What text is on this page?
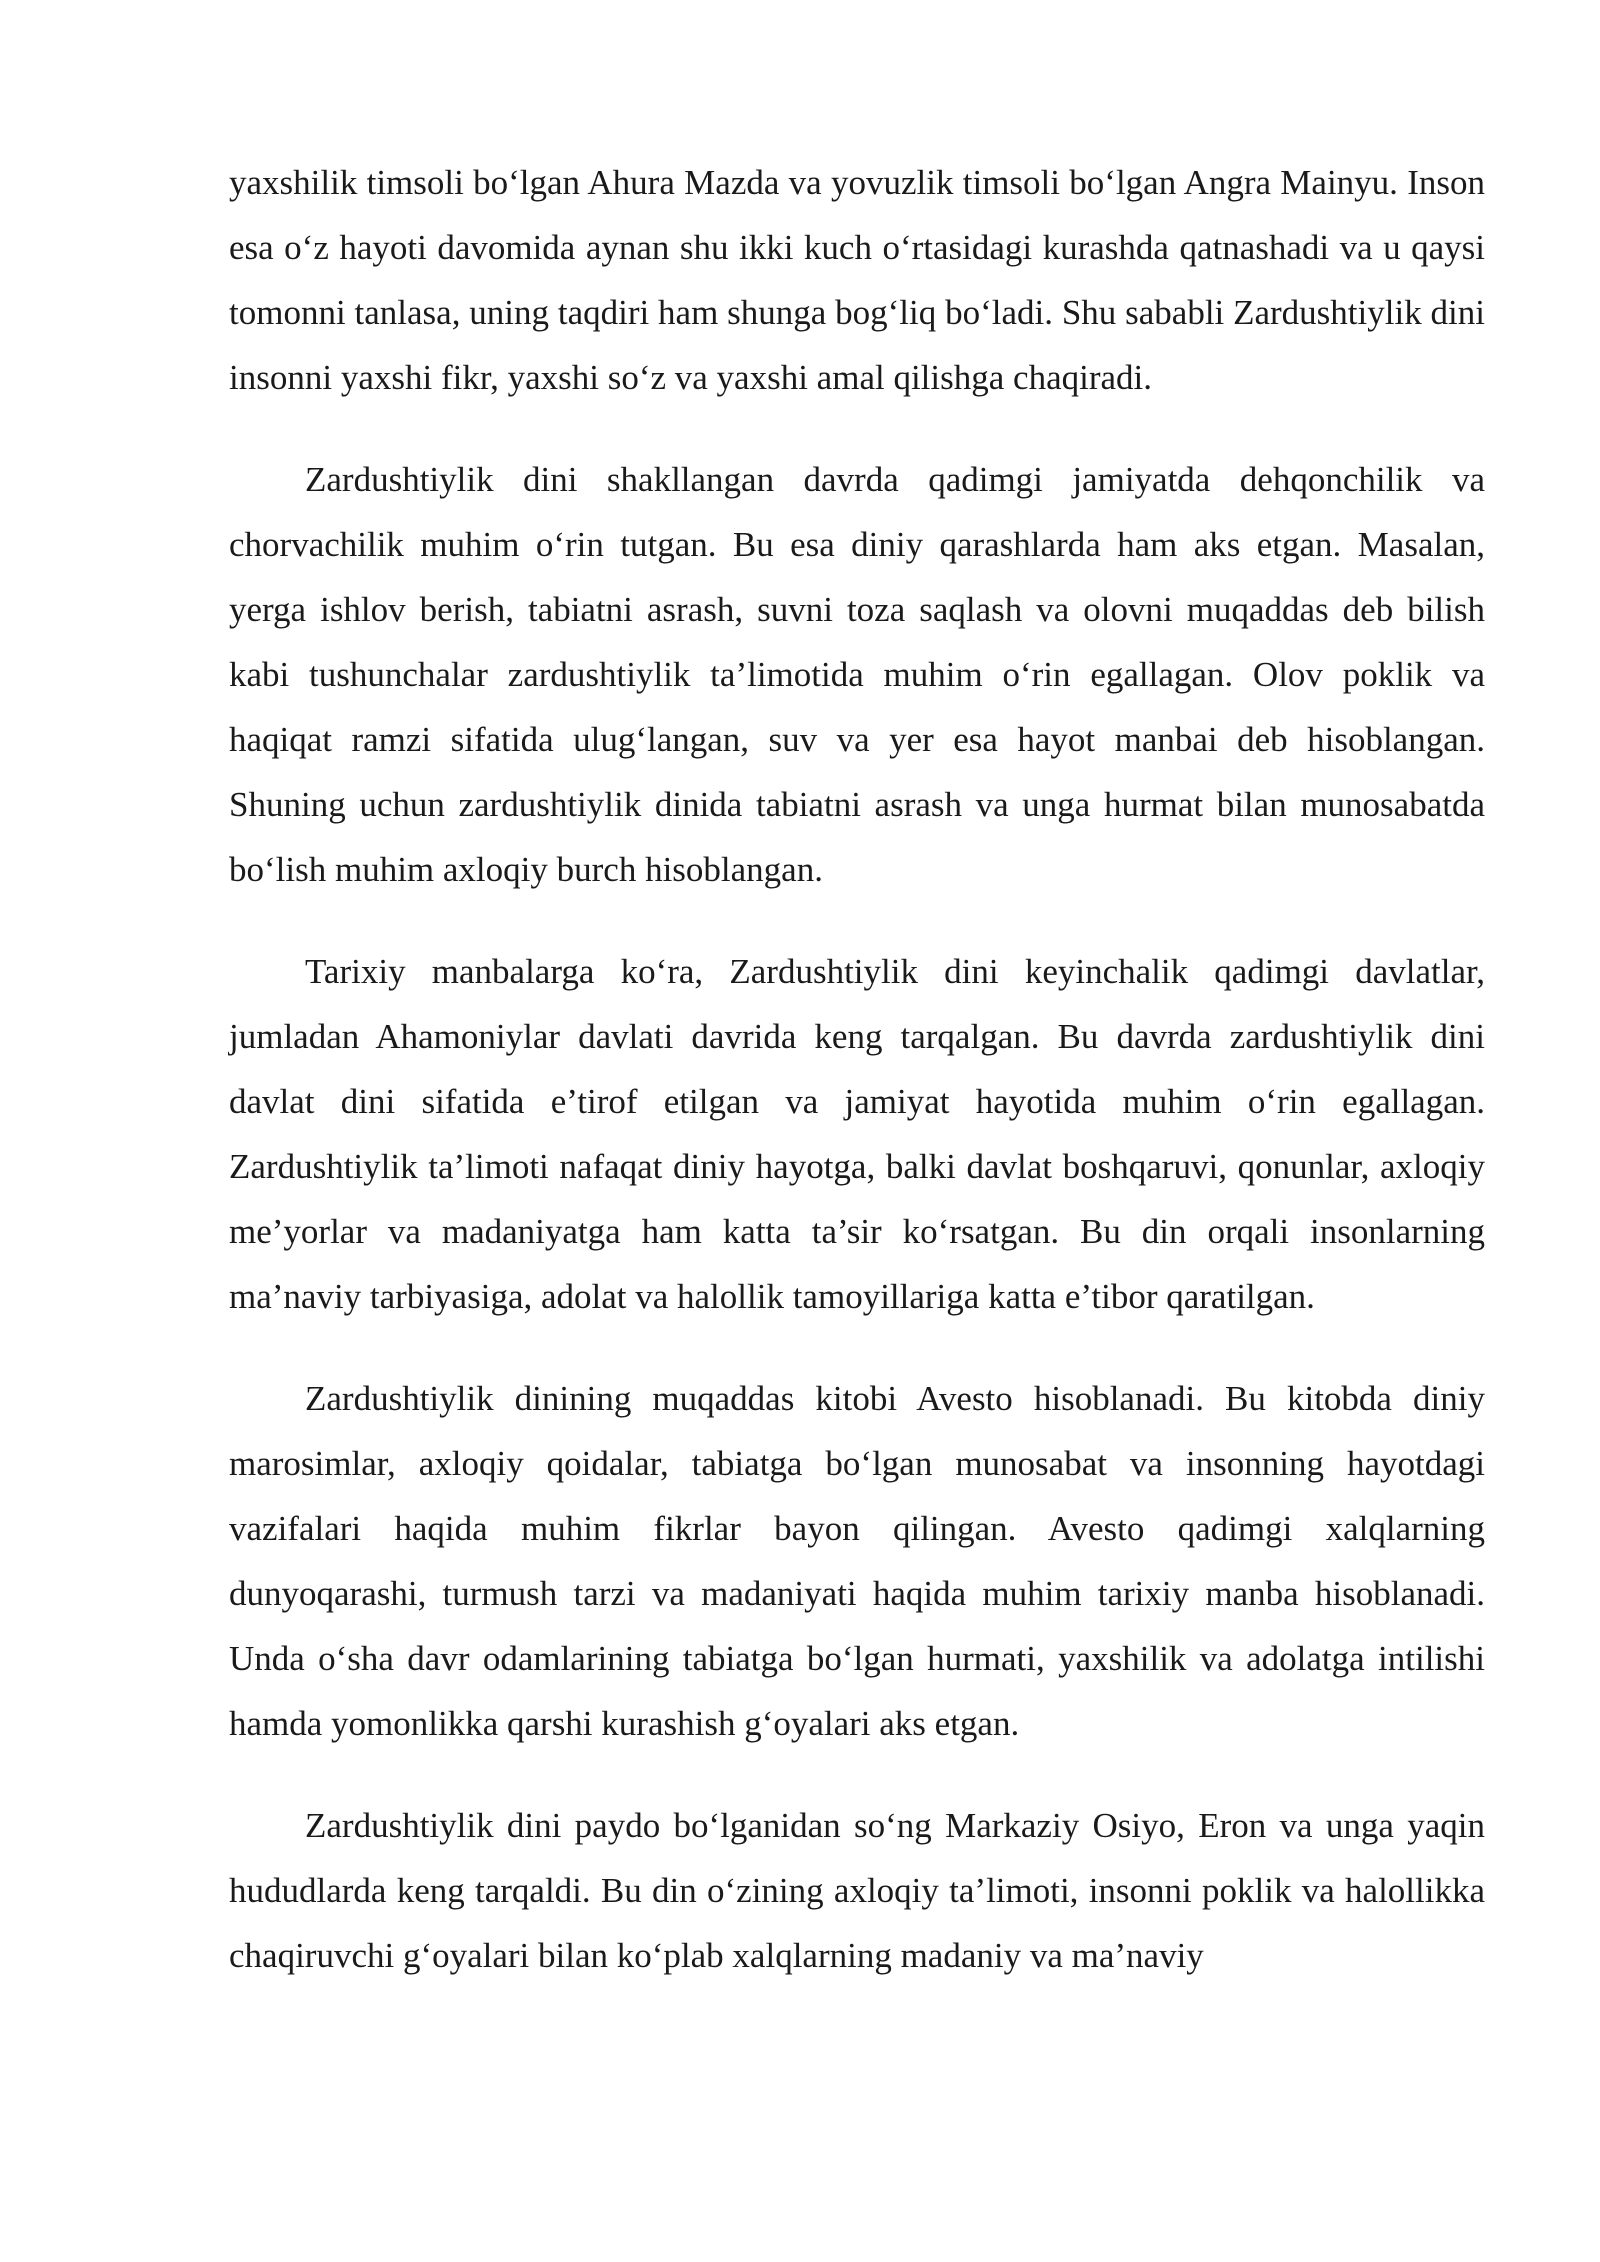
yaxshilik timsoli bo‘lgan Ahura Mazda va yovuzlik timsoli bo‘lgan Angra Mainyu. Inson esa o‘z hayoti davomida aynan shu ikki kuch o‘rtasidagi kurashda qatnashadi va u qaysi tomonni tanlasa, uning taqdiri ham shunga bog‘liq bo‘ladi. Shu sababli Zardushtiylik dini insonni yaxshi fikr, yaxshi so‘z va yaxshi amal qilishga chaqiradi.

Zardushtiylik dini shakllangan davrda qadimgi jamiyatda dehqonchilik va chorvachilik muhim o‘rin tutgan. Bu esa diniy qarashlarda ham aks etgan. Masalan, yerga ishlov berish, tabiatni asrash, suvni toza saqlash va olovni muqaddas deb bilish kabi tushunchalar zardushtiylik ta’limotida muhim o‘rin egallagan. Olov poklik va haqiqat ramzi sifatida ulug‘langan, suv va yer esa hayot manbai deb hisoblangan. Shuning uchun zardushtiylik dinida tabiatni asrash va unga hurmat bilan munosabatda bo‘lish muhim axloqiy burch hisoblangan.

Tarixiy manbalarga ko‘ra, Zardushtiylik dini keyinchalik qadimgi davlatlar, jumladan Ahamoniylar davlati davrida keng tarqalgan. Bu davrda zardushtiylik dini davlat dini sifatida e’tirof etilgan va jamiyat hayotida muhim o‘rin egallagan. Zardushtiylik ta’limoti nafaqat diniy hayotga, balki davlat boshqaruvi, qonunlar, axloqiy me’yorlar va madaniyatga ham katta ta’sir ko‘rsatgan. Bu din orqali insonlarning ma’naviy tarbiyasiga, adolat va halollik tamoyillariga katta e’tibor qaratilgan.

Zardushtiylik dinining muqaddas kitobi Avesto hisoblanadi. Bu kitobda diniy marosimlar, axloqiy qoidalar, tabiatga bo‘lgan munosabat va insonning hayotdagi vazifalari haqida muhim fikrlar bayon qilingan. Avesto qadimgi xalqlarning dunyoqarashi, turmush tarzi va madaniyati haqida muhim tarixiy manba hisoblanadi. Unda o‘sha davr odamlarining tabiatga bo‘lgan hurmati, yaxshilik va adolatga intilishi hamda yomonlikka qarshi kurashish g‘oyalari aks etgan.

Zardushtiylik dini paydo bo‘lganidan so‘ng Markaziy Osiyo, Eron va unga yaqin hududlarda keng tarqaldi. Bu din o‘zining axloqiy ta’limoti, insonni poklik va halollikka chaqiruvchi g‘oyalari bilan ko‘plab xalqlarning madaniy va ma’naviy
